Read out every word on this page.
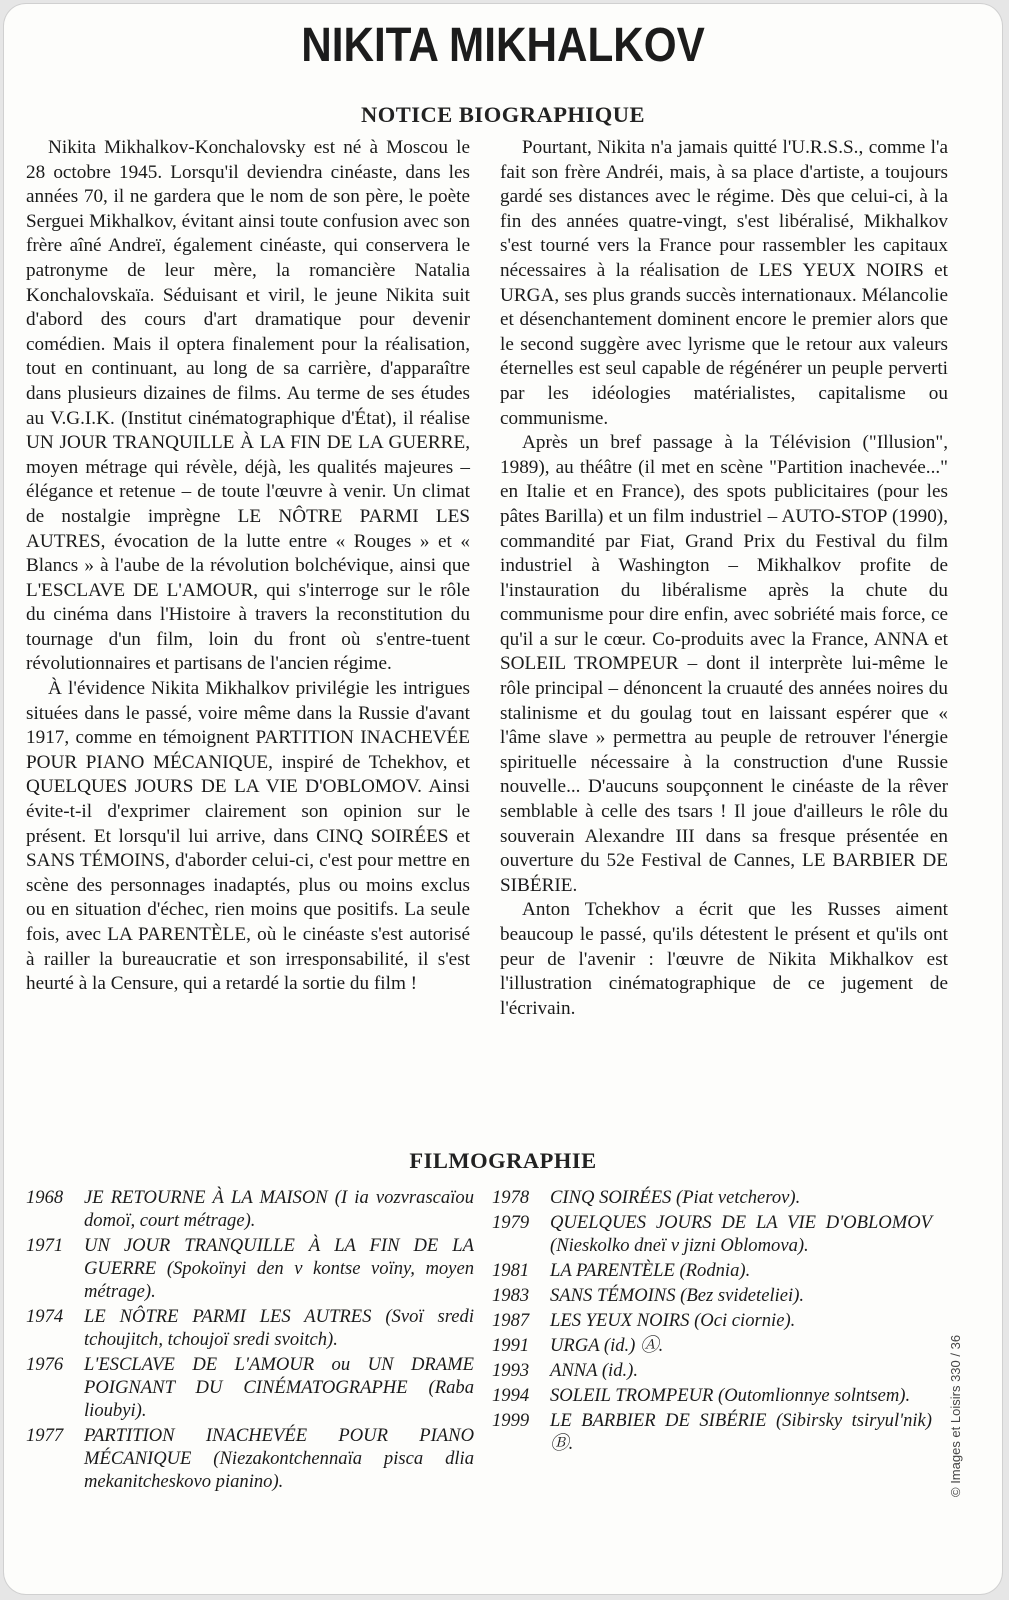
NIKITA MIKHALKOV
NOTICE BIOGRAPHIQUE

Nikita Mikhalkov-Konchalovsky est né à Moscou le 28 octobre 1945. Lorsqu'il deviendra cinéaste, dans les années 70, il ne gardera que le nom de son père, le poète Serguei Mikhalkov, évitant ainsi toute confusion avec son frère aîné Andreï, également cinéaste, qui conservera le patronyme de leur mère, la romancière Natalia Konchalovskaïa. Séduisant et viril, le jeune Nikita suit d'abord des cours d'art dramatique pour devenir comédien. Mais il optera finalement pour la réalisation, tout en continuant, au long de sa carrière, d'apparaître dans plusieurs dizaines de films. Au terme de ses études au V.G.I.K. (Institut cinématographique d'État), il réalise UN JOUR TRANQUILLE À LA FIN DE LA GUERRE, moyen métrage qui révèle, déjà, les qualités majeures – élégance et retenue – de toute l'œuvre à venir. Un climat de nostalgie imprègne LE NÔTRE PARMI LES AUTRES, évocation de la lutte entre « Rouges » et « Blancs » à l'aube de la révolution bolchévique, ainsi que L'ESCLAVE DE L'AMOUR, qui s'interroge sur le rôle du cinéma dans l'Histoire à travers la reconstitution du tournage d'un film, loin du front où s'entre-tuent révolutionnaires et partisans de l'ancien régime.

À l'évidence Nikita Mikhalkov privilégie les intrigues situées dans le passé, voire même dans la Russie d'avant 1917, comme en témoignent PARTITION INACHEVÉE POUR PIANO MÉCANIQUE, inspiré de Tchekhov, et QUELQUES JOURS DE LA VIE D'OBLOMOV. Ainsi évite-t-il d'exprimer clairement son opinion sur le présent. Et lorsqu'il lui arrive, dans CINQ SOIRÉES et SANS TÉMOINS, d'aborder celui-ci, c'est pour mettre en scène des personnages inadaptés, plus ou moins exclus ou en situation d'échec, rien moins que positifs. La seule fois, avec LA PARENTÈLE, où le cinéaste s'est autorisé à railler la bureaucratie et son irresponsabilité, il s'est heurté à la Censure, qui a retardé la sortie du film !

Pourtant, Nikita n'a jamais quitté l'U.R.S.S., comme l'a fait son frère Andréi, mais, à sa place d'artiste, a toujours gardé ses distances avec le régime. Dès que celui-ci, à la fin des années quatre-vingt, s'est libéralisé, Mikhalkov s'est tourné vers la France pour rassembler les capitaux nécessaires à la réalisation de LES YEUX NOIRS et URGA, ses plus grands succès internationaux. Mélancolie et désenchantement dominent encore le premier alors que le second suggère avec lyrisme que le retour aux valeurs éternelles est seul capable de régénérer un peuple perverti par les idéologies matérialistes, capitalisme ou communisme.

Après un bref passage à la Télévision ("Illusion", 1989), au théâtre (il met en scène "Partition inachevée..." en Italie et en France), des spots publicitaires (pour les pâtes Barilla) et un film industriel – AUTO-STOP (1990), commandité par Fiat, Grand Prix du Festival du film industriel à Washington – Mikhalkov profite de l'instauration du libéralisme après la chute du communisme pour dire enfin, avec sobriété mais force, ce qu'il a sur le cœur. Co-produits avec la France, ANNA et SOLEIL TROMPEUR – dont il interprète lui-même le rôle principal – dénoncent la cruauté des années noires du stalinisme et du goulag tout en laissant espérer que « l'âme slave » permettra au peuple de retrouver l'énergie spirituelle nécessaire à la construction d'une Russie nouvelle... D'aucuns soupçonnent le cinéaste de la rêver semblable à celle des tsars ! Il joue d'ailleurs le rôle du souverain Alexandre III dans sa fresque présentée en ouverture du 52e Festival de Cannes, LE BARBIER DE SIBÉRIE.

Anton Tchekhov a écrit que les Russes aiment beaucoup le passé, qu'ils détestent le présent et qu'ils ont peur de l'avenir : l'œuvre de Nikita Mikhalkov est l'illustration cinématographique de ce jugement de l'écrivain.

FILMOGRAPHIE
1968	JE RETOURNE À LA MAISON (I ia vozvrascaïou domoï, court métrage).
1971	UN JOUR TRANQUILLE À LA FIN DE LA GUERRE (Spokoïnyi den v kontse voïny, moyen métrage).
1974	LE NÔTRE PARMI LES AUTRES (Svoï sredi tchoujitch, tchoujoï sredi svoitch).
1976	L'ESCLAVE DE L'AMOUR ou UN DRAME POIGNANT DU CINÉMATOGRAPHE (Raba lioubyi).
1977	PARTITION INACHEVÉE POUR PIANO MÉCANIQUE (Niezakontchennaïa pisca dlia mekanitcheskovo pianino).
1978	CINQ SOIRÉES (Piat vetcherov).
1979	QUELQUES JOURS DE LA VIE D'OBLOMOV (Nieskolko dneï v jizni Oblomova).
1981	LA PARENTÈLE (Rodnia).
1983	SANS TÉMOINS (Bez svideteliei).
1987	LES YEUX NOIRS (Oci ciornie).
1991	URGA (id.) Ⓐ.
1993	ANNA (id.).
1994	SOLEIL TROMPEUR (Outomlionnye solntsem).
1999	LE BARBIER DE SIBÉRIE (Sibirsky tsiryul'nik) Ⓑ.	© Images et Loisirs 330 / 36
